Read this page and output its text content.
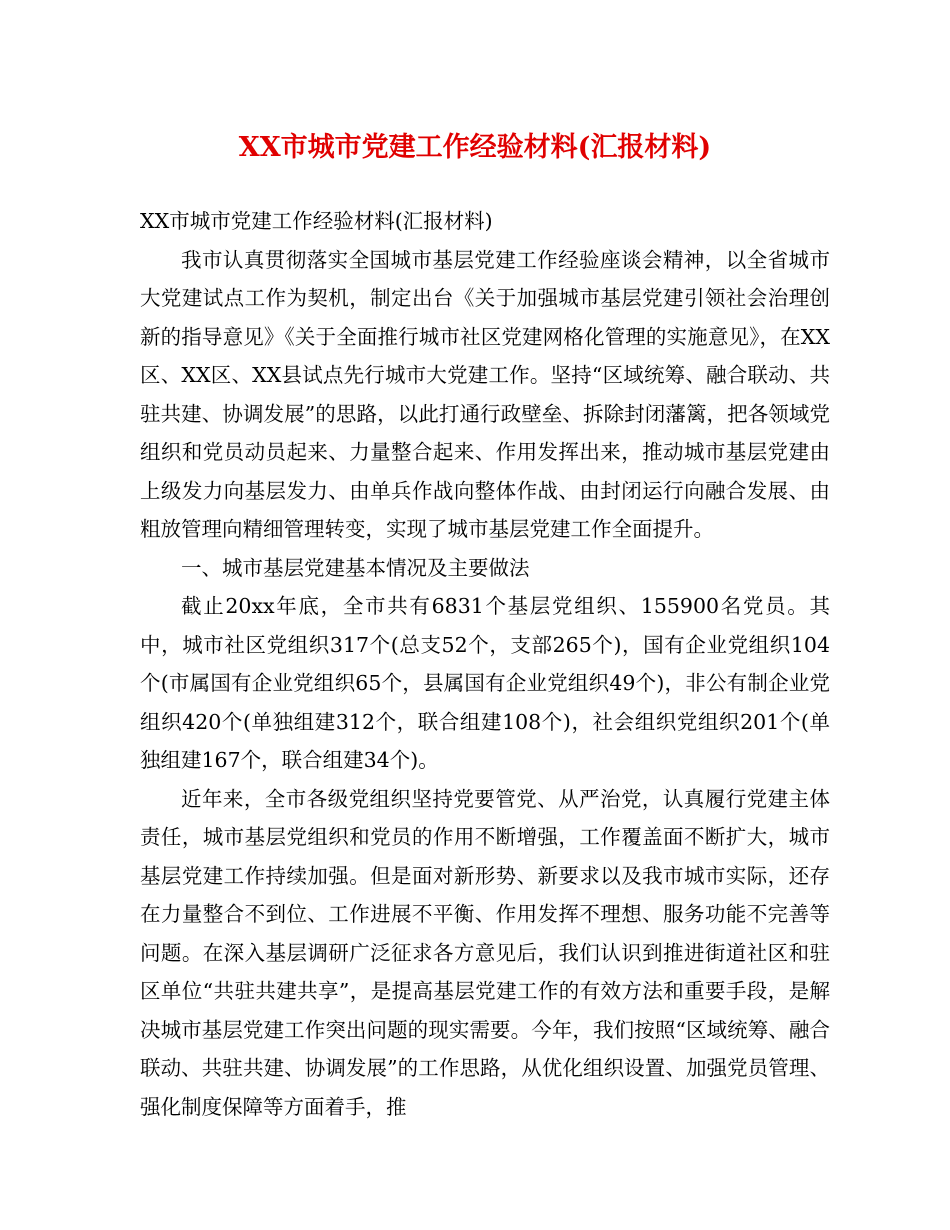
XX市城市党建工作经验材料(汇报材料)

XX市城市党建工作经验材料(汇报材料)

我市认真贯彻落实全国城市基层党建工作经验座谈会精神，以全省城市大党建试点工作为契机，制定出台《关于加强城市基层党建引领社会治理创新的指导意见》《关于全面推行城市社区党建网格化管理的实施意见》，在XX区、XX区、XX县试点先行城市大党建工作。坚持“区域统筹、融合联动、共驻共建、协调发展”的思路，以此打通行政壁垒、拆除封闭藩篱，把各领域党组织和党员动员起来、力量整合起来、作用发挥出来，推动城市基层党建由上级发力向基层发力、由单兵作战向整体作战、由封闭运行向融合发展、由粗放管理向精细管理转变，实现了城市基层党建工作全面提升。

一、城市基层党建基本情况及主要做法

截止20xx年底，全市共有6831个基层党组织、155900名党员。其中，城市社区党组织317个(总支52个，支部265个)，国有企业党组织104个(市属国有企业党组织65个，县属国有企业党组织49个)，非公有制企业党组织420个(单独组建312个，联合组建108个)，社会组织党组织201个(单独组建167个，联合组建34个)。

近年来，全市各级党组织坚持党要管党、从严治党，认真履行党建主体责任，城市基层党组织和党员的作用不断增强，工作覆盖面不断扩大，城市基层党建工作持续加强。但是面对新形势、新要求以及我市城市实际，还存在力量整合不到位、工作进展不平衡、作用发挥不理想、服务功能不完善等问题。在深入基层调研广泛征求各方意见后，我们认识到推进街道社区和驻区单位“共驻共建共享”，是提高基层党建工作的有效方法和重要手段，是解决城市基层党建工作突出问题的现实需要。今年，我们按照“区域统筹、融合联动、共驻共建、协调发展”的工作思路，从优化组织设置、加强党员管理、强化制度保障等方面着手，推
